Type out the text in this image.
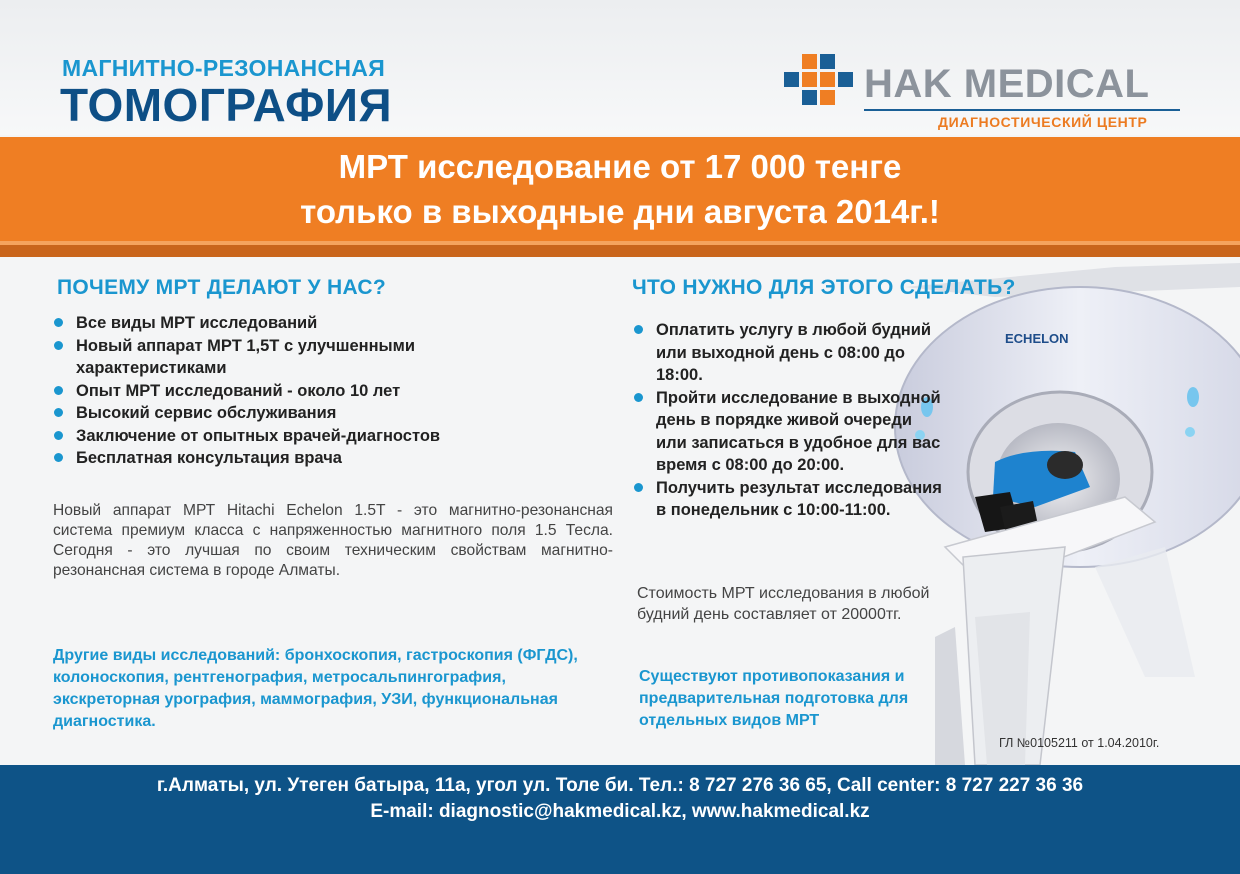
МАГНИТНО-РЕЗОНАНСНАЯ
ТОМОГРАФИЯ	HAK MEDICAL
ДИАГНОСТИЧЕСКИЙ ЦЕНТР
МРТ исследование от 17 000 тенге
только в выходные дни августа 2014г.!
ECHELON
ПОЧЕМУ МРТ ДЕЛАЮТ У НАС?
Все виды МРТ исследований
Новый аппарат МРТ 1,5Т с улучшенными характеристиками
Опыт МРТ исследований - около 10 лет
Высокий сервис обслуживания
Заключение от опытных врачей-диагностов
Бесплатная консультация врача
Новый аппарат МРТ Hitachi Echelon 1.5T - это магнитно-резонансная система премиум класса с напряженностью магнитного поля 1.5 Тесла. Сегодня - это лучшая по своим техническим свойствам магнитно-резонансная система в городе Алматы.
Другие виды исследований: бронхоскопия, гастроскопия (ФГДС), колоноскопия, рентгенография, метросальпингография, экскреторная урография, маммография, УЗИ, функциональная диагностика.
ЧТО НУЖНО ДЛЯ ЭТОГО СДЕЛАТЬ?
Оплатить услугу в любой будний или выходной день с 08:00 до 18:00.
Пройти исследование в выходной день в порядке живой очереди или записаться в удобное для вас время с 08:00 до 20:00.
Получить результат исследования в понедельник с 10:00-11:00.
Стоимость МРТ исследования в любой будний день составляет от 20000тг.
Существуют противопоказания и предварительная подготовка для отдельных видов МРТ
ГЛ №0105211 от 1.04.2010г.
г.Алматы, ул. Утеген батыра, 11а, угол ул. Толе би. Тел.: 8 727 276 36 65, Call center: 8 727 227 36 36
E-mail: diagnostic@hakmedical.kz, www.hakmedical.kz
